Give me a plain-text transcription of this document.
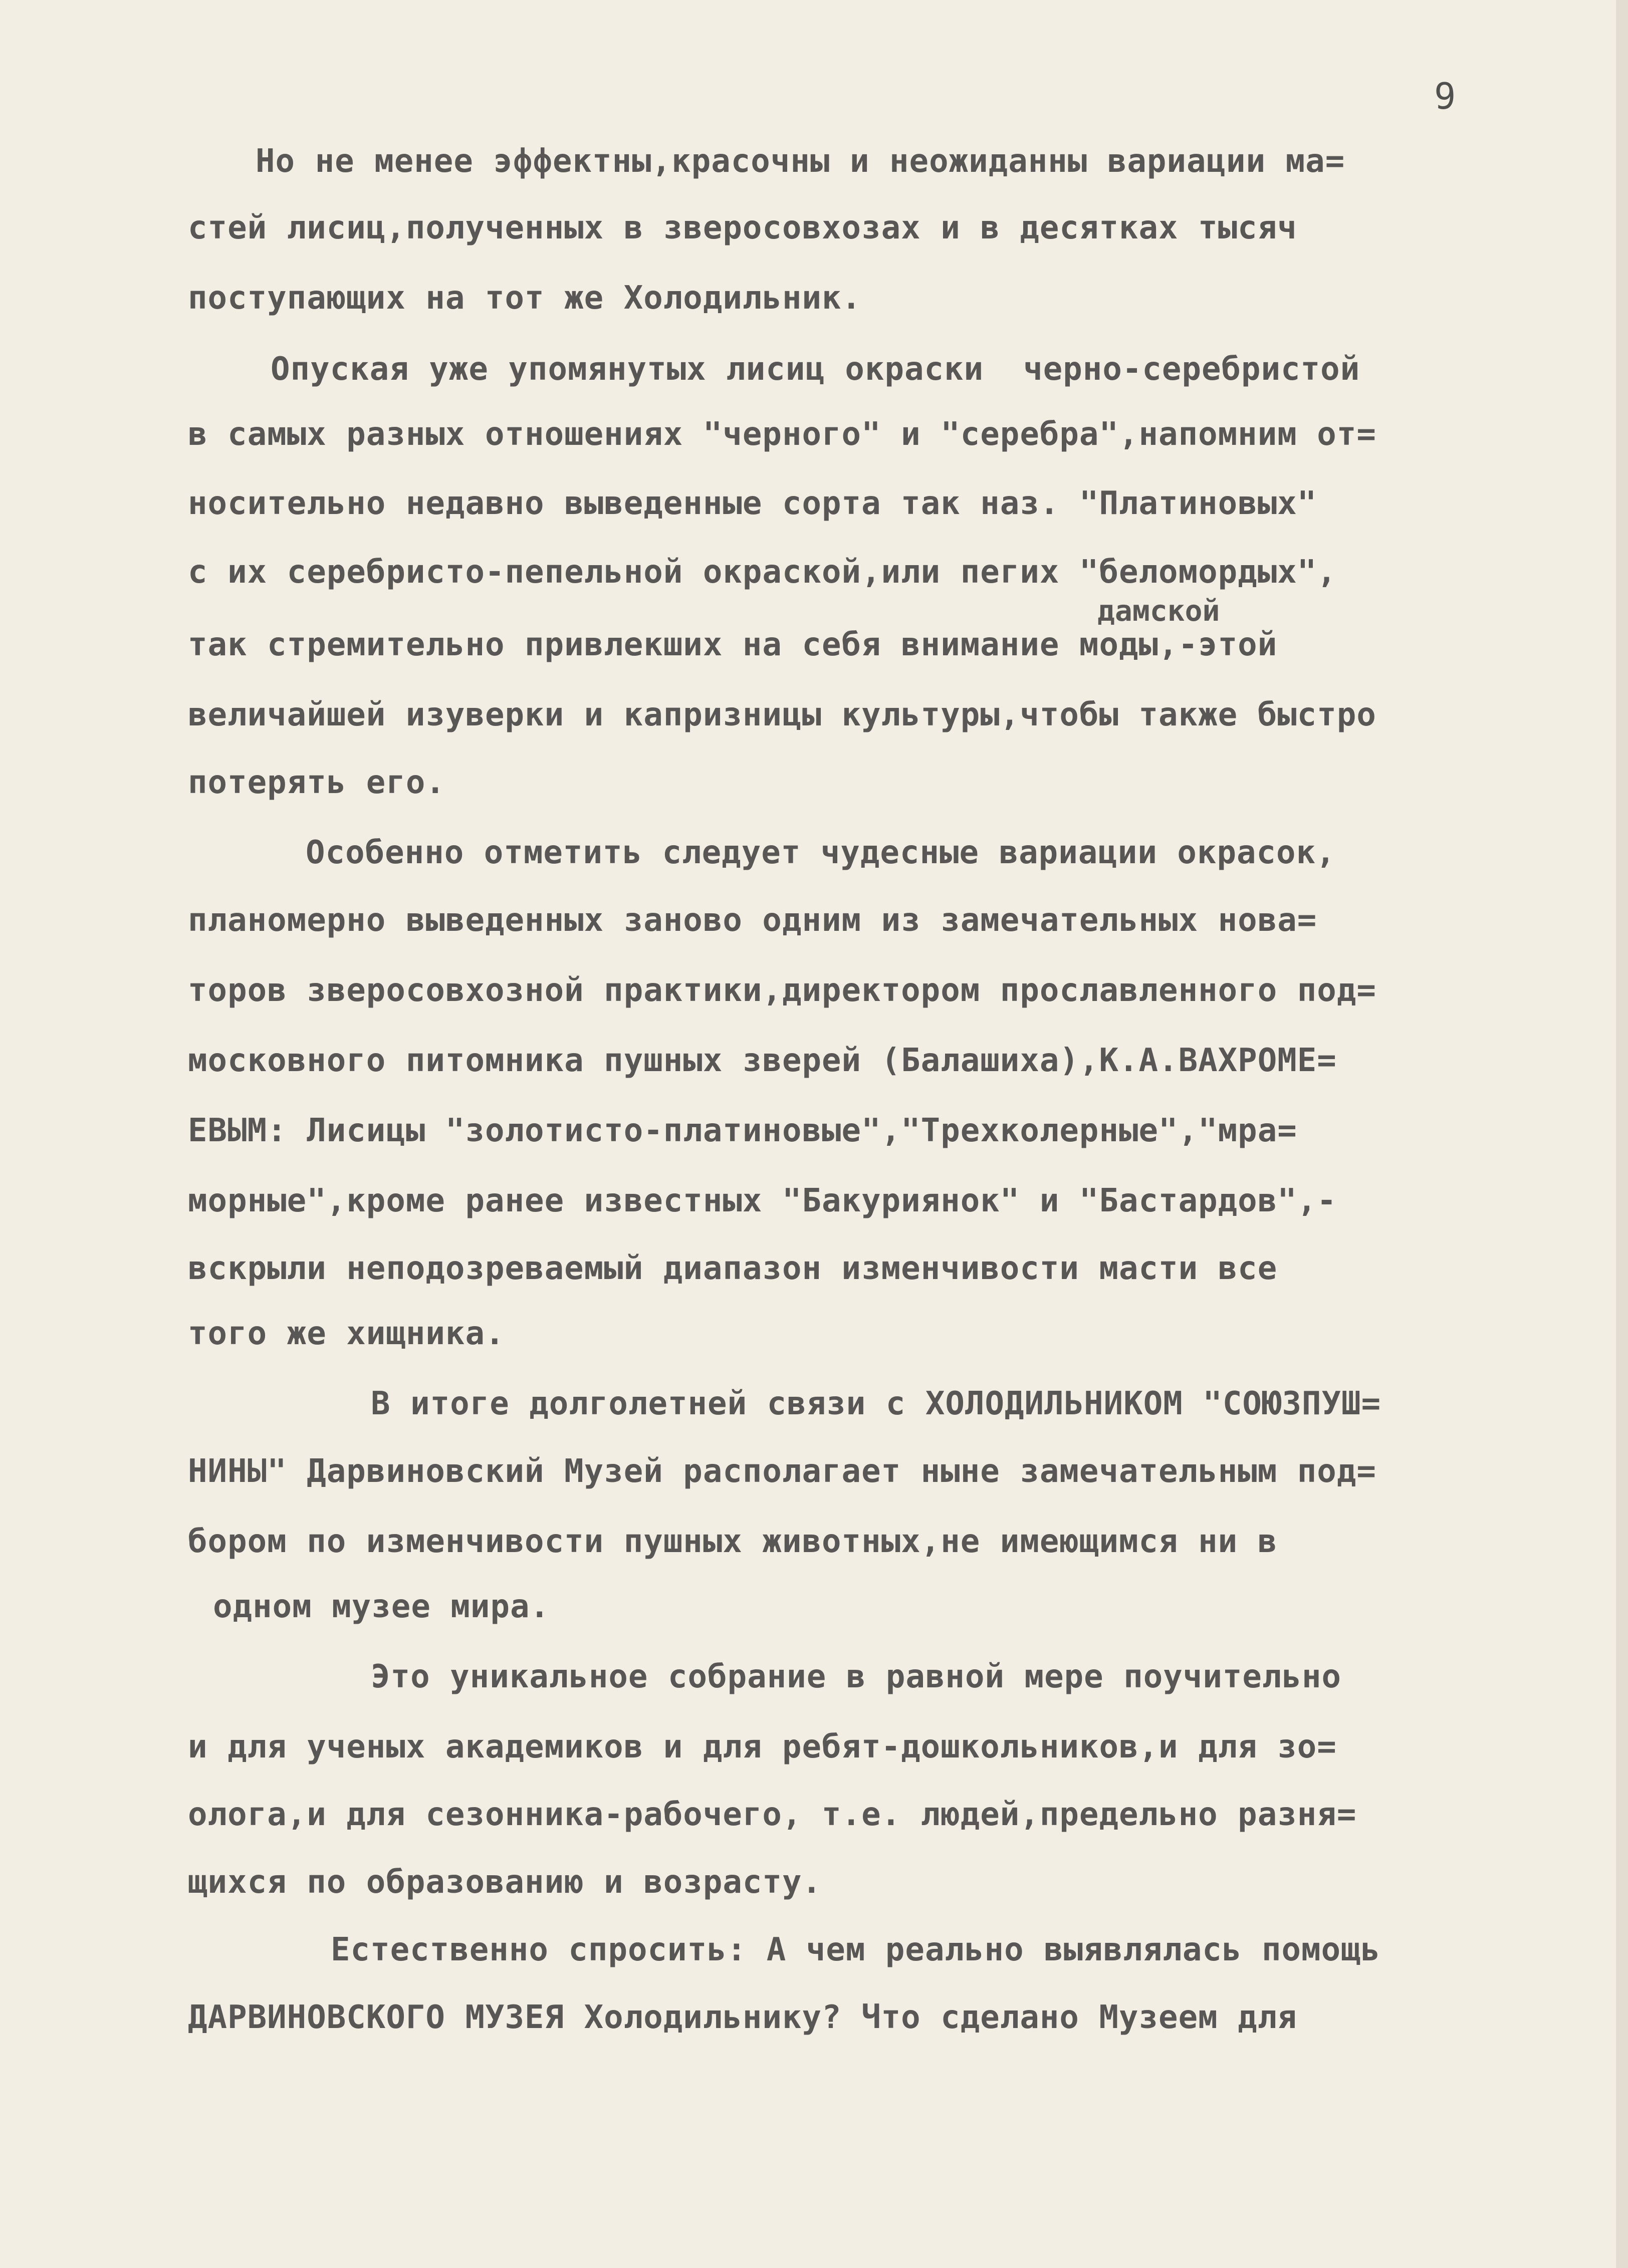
9
дамской

Но не менее эффектны,красочны и неожиданны вариации ма=

стей лисиц,полученных в зверосовхозах и в десятках тысяч

поступающих на тот же Холодильник.

Опуская уже упомянутых лисиц окраски  черно-серебристой

в самых разных отношениях "черного" и "серебра",напомним от=

носительно недавно выведенные сорта так наз. "Платиновых"

с их серебристо-пепельной окраской,или пегих "беломордых",

так стремительно привлекших на себя внимание моды,-этой

величайшей изуверки и капризницы культуры,чтобы также быстро

потерять его.

Особенно отметить следует чудесные вариации окрасок,

планомерно выведенных заново одним из замечательных нова=

торов зверосовхозной практики,директором прославленного под=

московного питомника пушных зверей (Балашиха),К.А.ВАХРОМЕ=

ЕВЫМ: Лисицы "золотисто-платиновые","Трехколерные","мра=

морные",кроме ранее известных "Бакуриянок" и "Бастардов",-

вскрыли неподозреваемый диапазон изменчивости масти все

того же хищника.

В итоге долголетней связи с ХОЛОДИЛЬНИКОМ "СОЮЗПУШ=

НИНЫ" Дарвиновский Музей располагает ныне замечательным под=

бором по изменчивости пушных животных,не имеющимся ни в

одном музее мира.

Это уникальное собрание в равной мере поучительно

и для ученых академиков и для ребят-дошкольников,и для зо=

олога,и для сезонника-рабочего, т.е. людей,предельно разня=

щихся по образованию и возрасту.

Естественно спросить: А чем реально выявлялась помощь

ДАРВИНОВСКОГО МУЗЕЯ Холодильнику? Что сделано Музеем для
